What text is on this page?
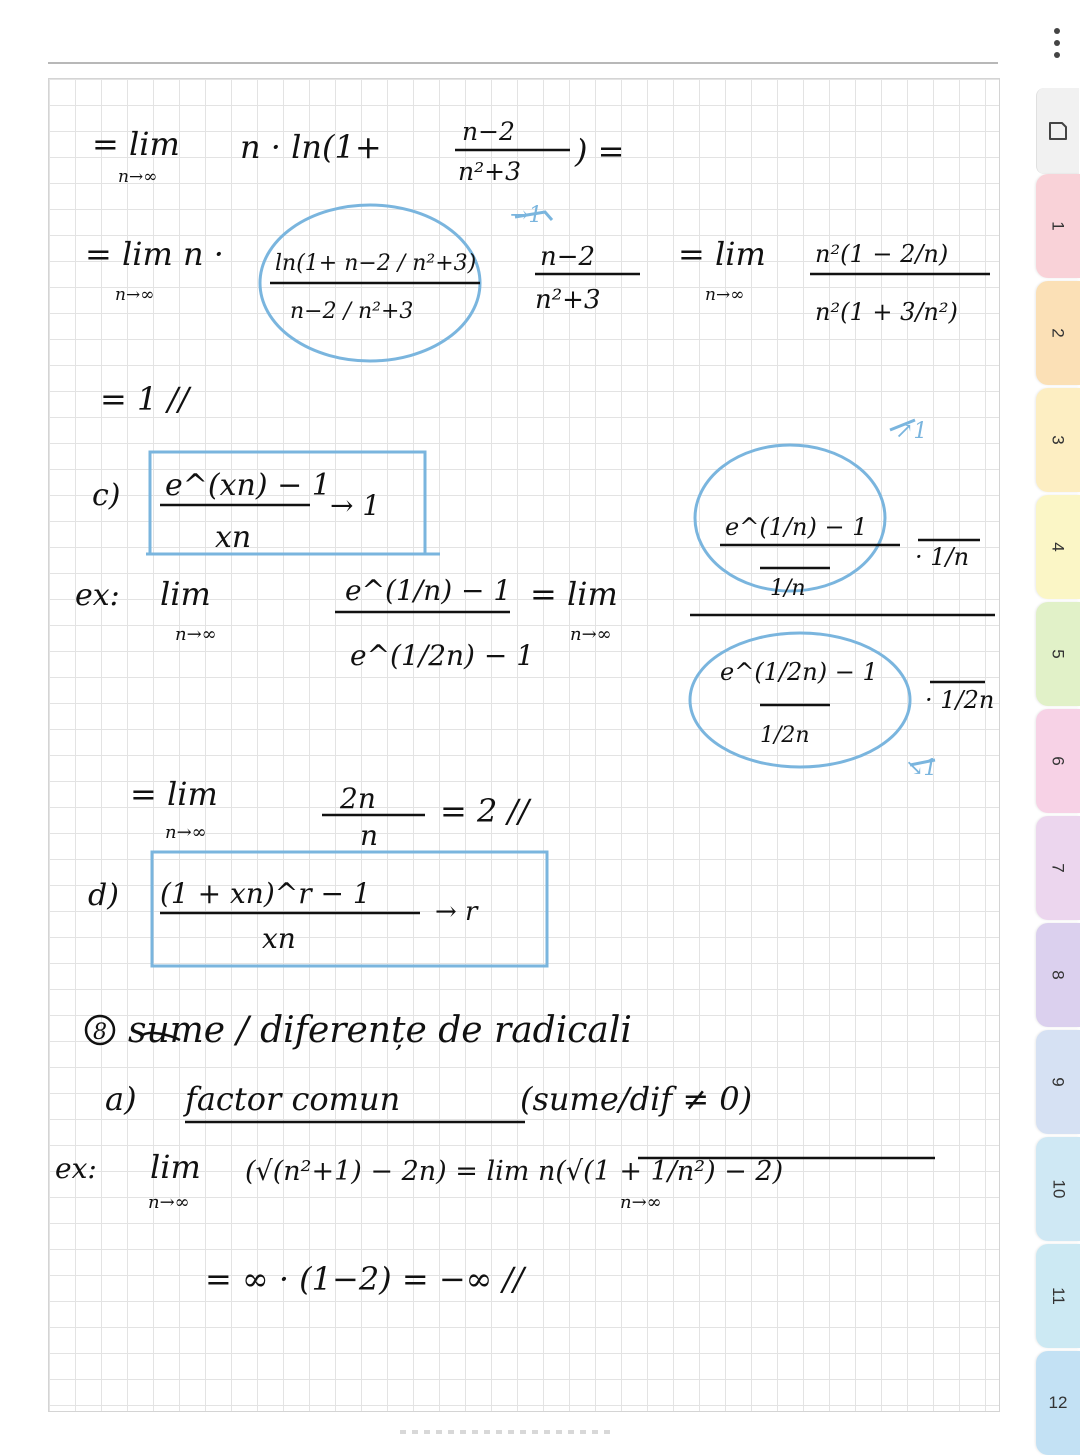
= lim
n→∞
n · ln(1+	n−2
n²+3
) =
= lim n ·
n→∞
ln(1+ n−2 / n²+3)
n−2 / n²+3
→1
n−2
n²+3
= lim
n→∞
n²(1 − 2/n)
n²(1 + 3/n²)
= 1 //
c) e^(xn) − 1
xn
→ 1
ex: lim
n→∞
e^(1/n) − 1
e^(1/2n) − 1
= lim
n→∞
e^(1/n) − 1
1/n
· 1/n
e^(1/2n) − 1
1/2n
· 1/2n
↗1
↘1
= lim
n→∞
2n
n
= 2 //
d) (1 + xn)^r − 1
xn
→ r
8 sume / diferențe de radicali
a) factor comun	(sume/dif ≠ 0)
ex: lim
n→∞
(√(n²+1) − 2n) = lim n(√(1 + 1/n²) − 2)
n→∞
= ∞ · (1−2) = −∞ //
1
2
3
4
5
6
7
8
9
10
11
12
